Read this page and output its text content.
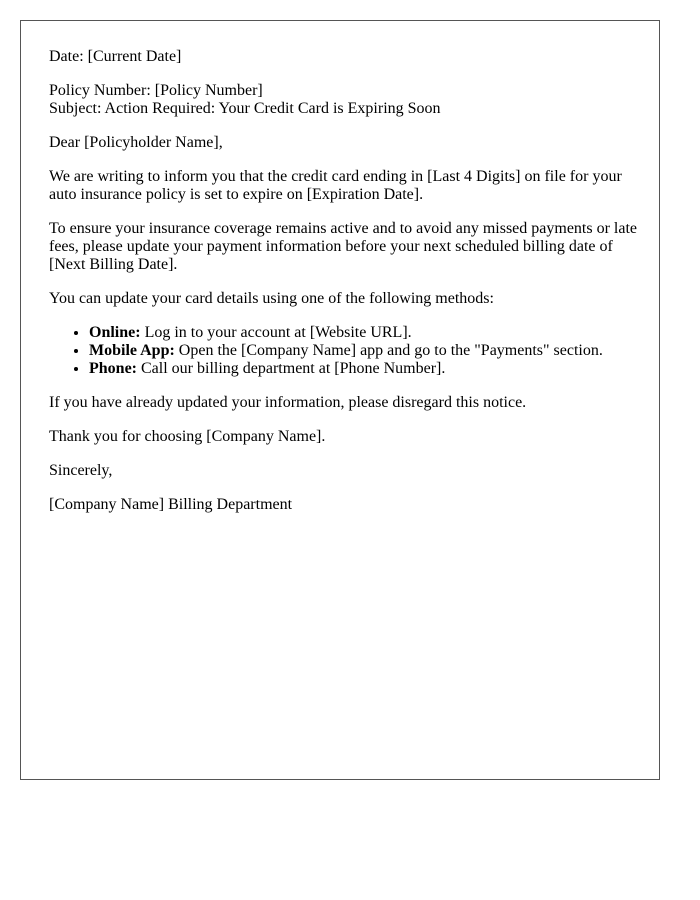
Date: [Current Date]
Policy Number: [Policy Number]
Subject: Action Required: Your Credit Card is Expiring Soon
Dear [Policyholder Name],
We are writing to inform you that the credit card ending in [Last 4 Digits] on file for your auto insurance policy is set to expire on [Expiration Date].
To ensure your insurance coverage remains active and to avoid any missed payments or late fees, please update your payment information before your next scheduled billing date of [Next Billing Date].
You can update your card details using one of the following methods:
• Online: Log in to your account at [Website URL].
• Mobile App: Open the [Company Name] app and go to the "Payments" section.
• Phone: Call our billing department at [Phone Number].
If you have already updated your information, please disregard this notice.
Thank you for choosing [Company Name].
Sincerely,
[Company Name] Billing Department
